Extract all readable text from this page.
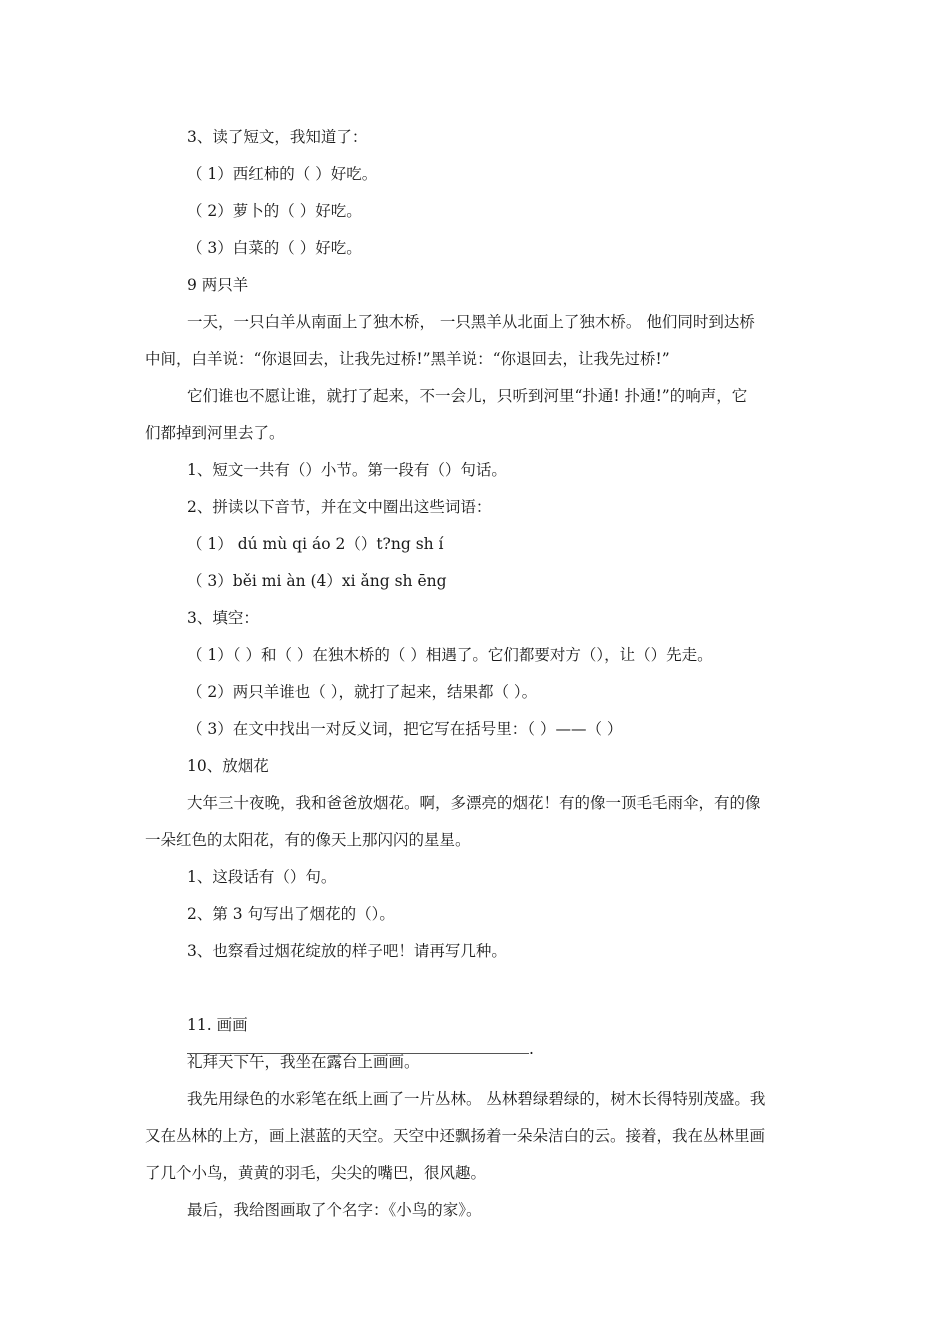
3、读了短文，我知道了：
（ 1）西红柿的（ ）好吃。
（ 2）萝卜的（ ）好吃。
（ 3）白菜的（ ）好吃。
9 两只羊
一天，一只白羊从南面上了独木桥， 一只黑羊从北面上了独木桥。 他们同时到达桥
中间，白羊说：“你退回去，让我先过桥!”黑羊说：“你退回去，让我先过桥!”
它们谁也不愿让谁，就打了起来，不一会儿，只听到河里“扑通! 扑通!”的响声，它
们都掉到河里去了。
1、短文一共有（）小节。第一段有（）句话。
2、拼读以下音节，并在文中圈出这些词语：
（ 1） dú mù qi áo 2（）t?ng sh í
（ 3）běi mi àn (4）xi ǎng sh ēng
3、填空：
（ 1）（ ）和（ ）在独木桥的（ ）相遇了。它们都要对方（），让（）先走。
（ 2）两只羊谁也（ ），就打了起来，结果都（ ）。
（ 3）在文中找出一对反义词，把它写在括号里：（ ）——（ ）
10、放烟花
大年三十夜晚，我和爸爸放烟花。啊，多漂亮的烟花！有的像一顶毛毛雨伞，有的像
一朵红色的太阳花，有的像天上那闪闪的星星。
1、这段话有（）句。
2、第 3 句写出了烟花的（）。
3、也察看过烟花绽放的样子吧！请再写几种。
.
11. 画画
礼拜天下午，我坐在露台上画画。
我先用绿色的水彩笔在纸上画了一片丛林。 丛林碧绿碧绿的，树木长得特别茂盛。我
又在丛林的上方，画上湛蓝的天空。天空中还飘扬着一朵朵洁白的云。接着，我在丛林里画
了几个小鸟，黄黄的羽毛，尖尖的嘴巴，很风趣。
最后，我给图画取了个名字：《小鸟的家》。
